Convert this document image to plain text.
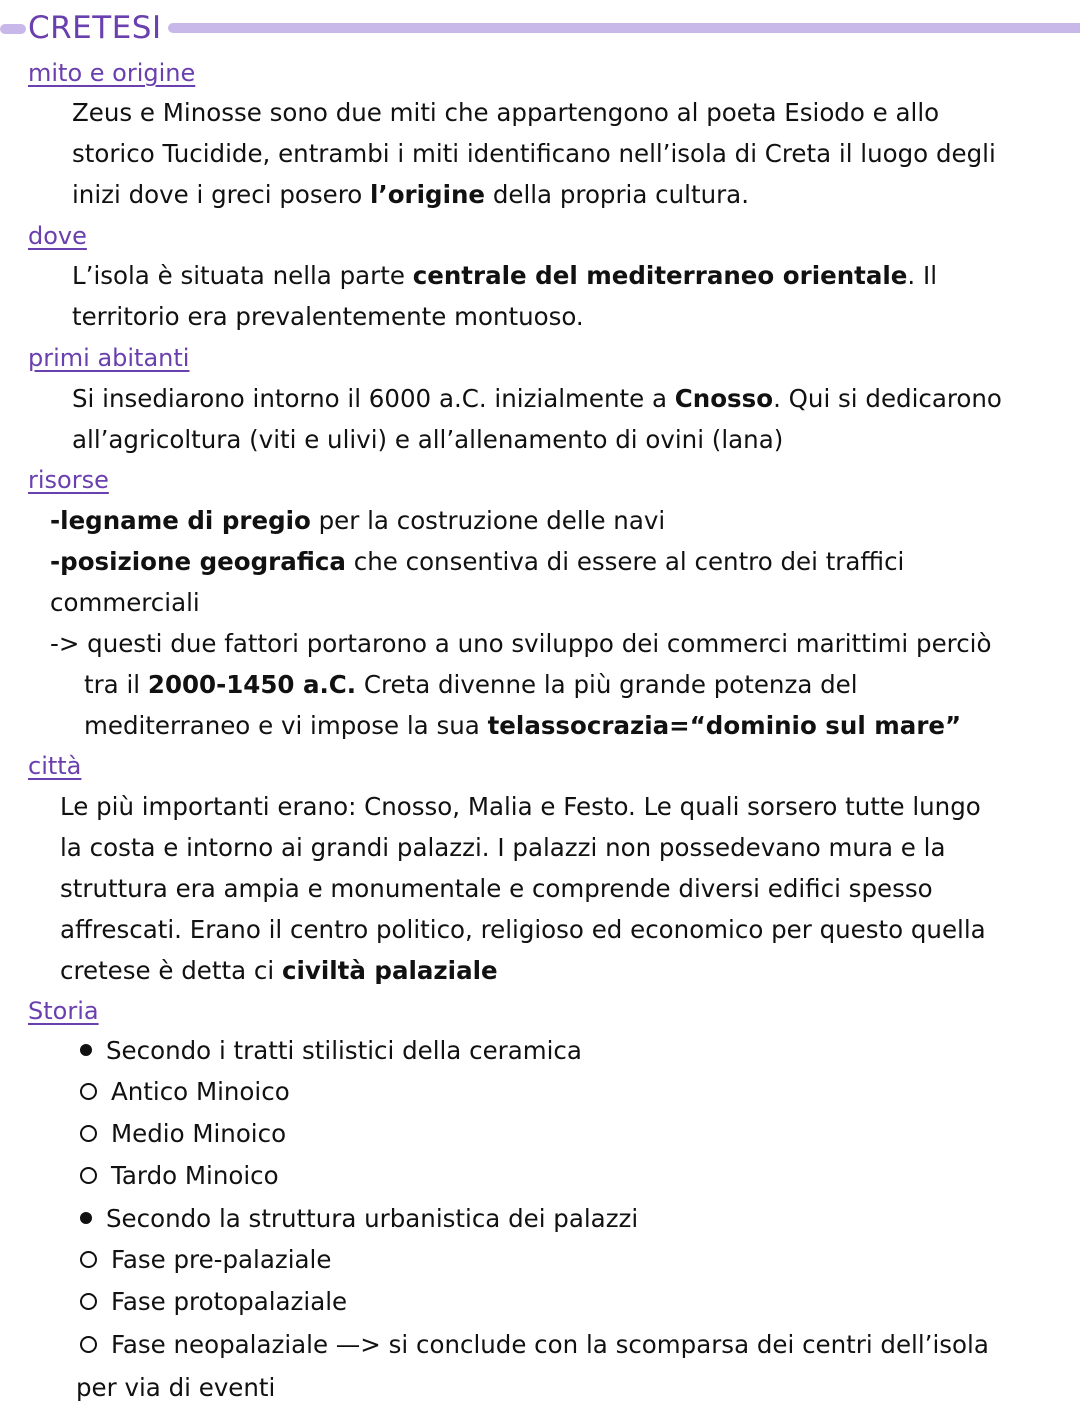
CRETESI
mito e origine
Zeus e Minosse sono due miti che appartengono al poeta Esiodo e allo
storico Tucidide, entrambi i miti identificano nell’isola di Creta il luogo degli
inizi dove i greci posero l’origine della propria cultura.
dove
L’isola è situata nella parte centrale del mediterraneo orientale. Il
territorio era prevalentemente montuoso.
primi abitanti
Si insediarono intorno il 6000 a.C. inizialmente a Cnosso. Qui si dedicarono
all’agricoltura (viti e ulivi) e all’allenamento di ovini (lana)
risorse
-legname di pregio per la costruzione delle navi
-posizione geografica che consentiva di essere al centro dei traffici
commerciali
-> questi due fattori portarono a uno sviluppo dei commerci marittimi perciò
tra il 2000-1450 a.C. Creta divenne la più grande potenza del
mediterraneo e vi impose la sua telassocrazia=“dominio sul mare”
città
Le più importanti erano: Cnosso, Malia e Festo. Le quali sorsero tutte lungo
la costa e intorno ai grandi palazzi. I palazzi non possedevano mura e la
struttura era ampia e monumentale e comprende diversi edifici spesso
affrescati. Erano il centro politico, religioso ed economico per questo quella
cretese è detta ci civiltà palaziale
Storia
Secondo i tratti stilistici della ceramica
Antico Minoico
Medio Minoico
Tardo Minoico
Secondo la struttura urbanistica dei palazzi
Fase pre-palaziale
Fase protopalaziale
Fase neopalaziale —> si conclude con la scomparsa dei centri dell’isola
per via di eventi
